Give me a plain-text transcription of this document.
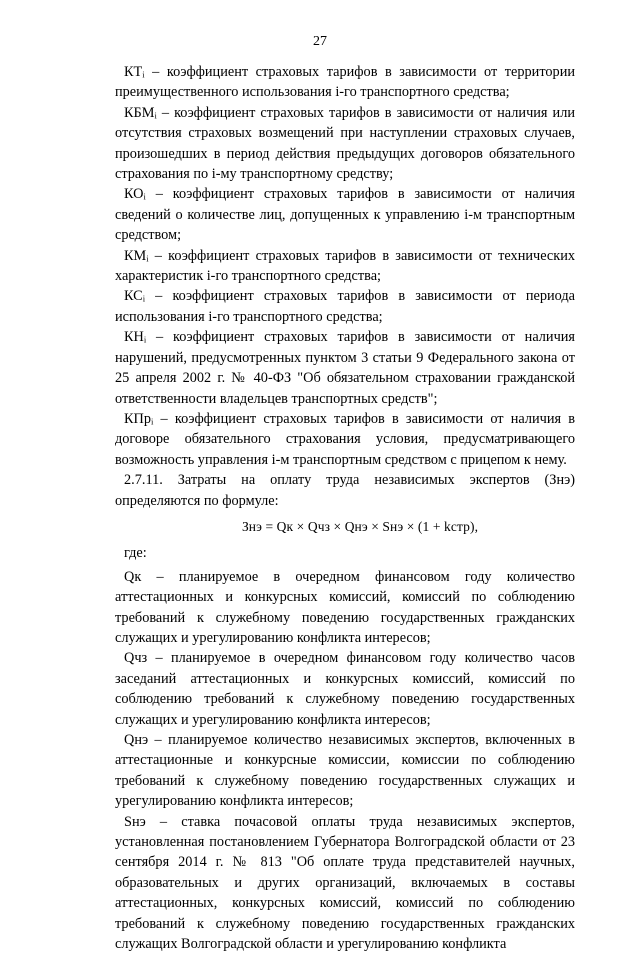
27

КТᵢ – коэффициент страховых тарифов в зависимости от территории преимущественного использования i-го транспортного средства;

КБМᵢ – коэффициент страховых тарифов в зависимости от наличия или отсутствия страховых возмещений при наступлении страховых случаев, произошедших в период действия предыдущих договоров обязательного страхования по i-му транспортному средству;

КОᵢ – коэффициент страховых тарифов в зависимости от наличия сведений о количестве лиц, допущенных к управлению i-м транспортным средством;

КМᵢ – коэффициент страховых тарифов в зависимости от технических характеристик i-го транспортного средства;

КСᵢ – коэффициент страховых тарифов в зависимости от периода использования i-го транспортного средства;

КНᵢ – коэффициент страховых тарифов в зависимости от наличия нарушений, предусмотренных пунктом 3 статьи 9 Федерального закона от 25 апреля 2002 г. № 40-ФЗ "Об обязательном страховании гражданской ответственности владельцев транспортных средств";

КПрᵢ – коэффициент страховых тарифов в зависимости от наличия в договоре обязательного страхования условия, предусматривающего возможность управления i-м транспортным средством с прицепом к нему.

2.7.11. Затраты на оплату труда независимых экспертов (Знэ) определяются по формуле:

Знэ = Qк × Qчз × Qнэ × Sнэ × (1 + kстр),

где:

Qк – планируемое в очередном финансовом году количество аттестационных и конкурсных комиссий, комиссий по соблюдению требований к служебному поведению государственных гражданских служащих и урегулированию конфликта интересов;

Qчз – планируемое в очередном финансовом году количество часов заседаний аттестационных и конкурсных комиссий, комиссий по соблюдению требований к служебному поведению государственных служащих и урегулированию конфликта интересов;

Qнэ – планируемое количество независимых экспертов, включенных в аттестационные и конкурсные комиссии, комиссии по соблюдению требований к служебному поведению государственных служащих и урегулированию конфликта интересов;

Sнэ – ставка почасовой оплаты труда независимых экспертов, установленная постановлением Губернатора Волгоградской области от 23 сентября 2014 г. № 813 "Об оплате труда представителей научных, образовательных и других организаций, включаемых в составы аттестационных, конкурсных комиссий, комиссий по соблюдению требований к служебному поведению государственных гражданских служащих Волгоградской области и урегулированию конфликта
